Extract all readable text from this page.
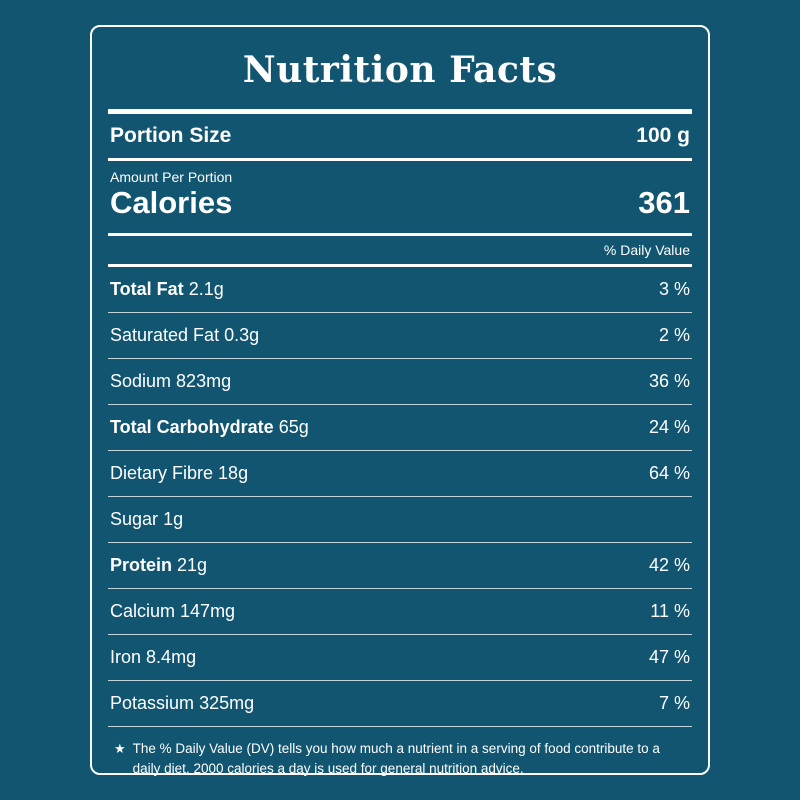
Nutrition Facts
Portion Size	100 g
Amount Per Portion
Calories	361
% Daily Value
Total Fat 2.1g	3 %
Saturated Fat 0.3g	2 %
Sodium 823mg	36 %
Total Carbohydrate 65g	24 %
Dietary Fibre 18g	64 %
Sugar 1g
Protein 21g	42 %
Calcium 147mg	11 %
Iron 8.4mg	47 %
Potassium 325mg	7 %
★ The % Daily Value (DV) tells you how much a nutrient in a serving of food contribute to a daily diet. 2000 calories a day is used for general nutrition advice.
